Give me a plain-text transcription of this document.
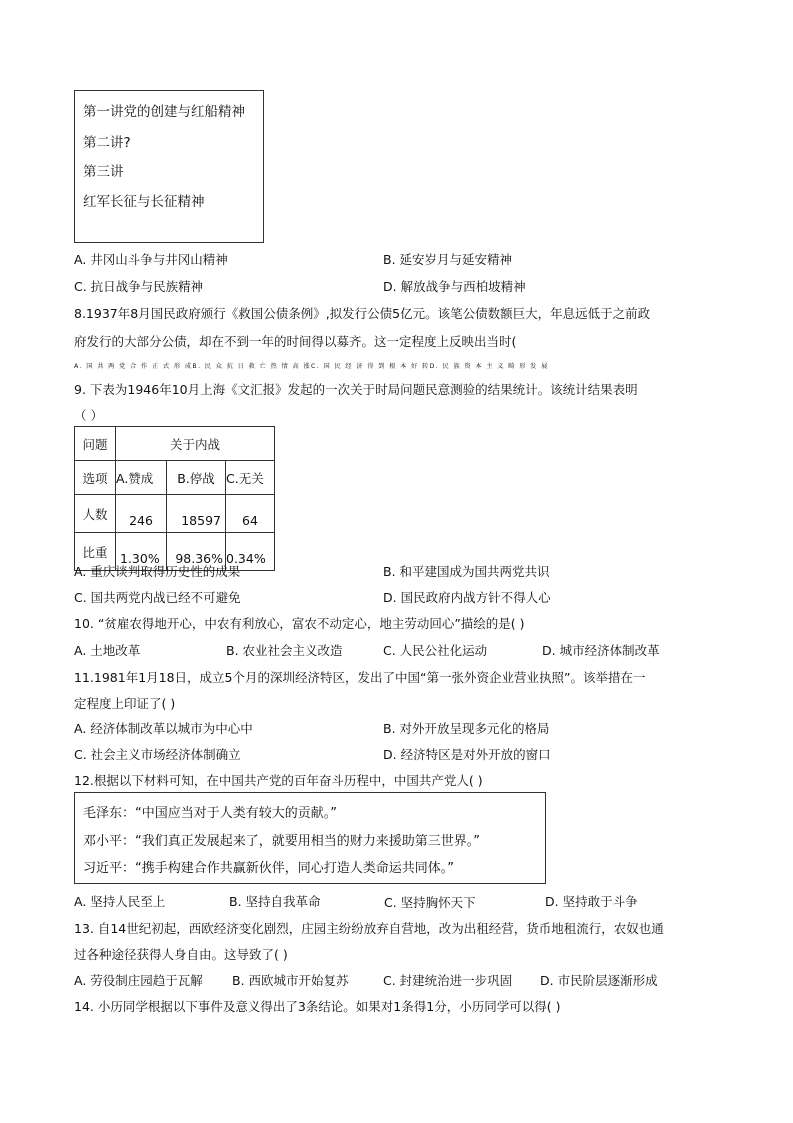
第一讲党的创建与红船精神
第二讲?
第三讲
红军长征与长征精神
A. 井冈山斗争与井冈山精神	B. 延安岁月与延安精神
C. 抗日战争与民族精神	D. 解放战争与西柏坡精神
8.1937年8月国民政府颁行《救国公债条例》,拟发行公债5亿元。该笔公债数额巨大，年息远低于之前政
府发行的大部分公债，却在不到一年的时间得以募齐。这一定程度上反映出当时(
A. 国 共 两 党 合 作 正 式 形 成B. 民 众 抗 日 救 亡 热 情 高 涨C. 国 民 经 济 得 到 根 本 好 转D. 民 族 资 本 主 义 畸 形 发 展
9. 下表为1946年10月上海《文汇报》发起的一次关于时局问题民意测验的结果统计。该统计结果表明
（ ）
问题	关于内战		
选项	A.赞成	B.停战	C.无关
人数	246	18597	64
比重	1.30%	98.36%	0.34%
A. 重庆谈判取得历史性的成果	B. 和平建国成为国共两党共识
C. 国共两党内战已经不可避免	D. 国民政府内战方针不得人心
10. “贫雇农得地开心，中农有利放心，富农不动定心，地主劳动回心”描绘的是( )
A. 土地改革	B. 农业社会主义改造	C. 人民公社化运动	D. 城市经济体制改革
11.1981年1月18日，成立5个月的深圳经济特区，发出了中国“第一张外资企业营业执照”。该举措在一
定程度上印证了( )
A. 经济体制改革以城市为中心中	B. 对外开放呈现多元化的格局
C. 社会主义市场经济体制确立	D. 经济特区是对外开放的窗口
12.根据以下材料可知，在中国共产党的百年奋斗历程中，中国共产党人( )
毛泽东：“中国应当对于人类有较大的贡献。”
邓小平：“我们真正发展起来了，就要用相当的财力来援助第三世界。”
习近平：“携手构建合作共赢新伙伴，同心打造人类命运共同体。”
A. 坚持人民至上	B. 坚持自我革命	C. 坚持胸怀天下	D. 坚持敢于斗争
13. 自14世纪初起，西欧经济变化剧烈，庄园主纷纷放弃自营地，改为出租经营，货币地租流行，农奴也通
过各种途径获得人身自由。这导致了( )
A. 劳役制庄园趋于瓦解 B. 西欧城市开始复苏	C. 封建统治进一步巩固 D. 市民阶层逐渐形成
14. 小历同学根据以下事件及意义得出了3条结论。如果对1条得1分，小历同学可以得( )
